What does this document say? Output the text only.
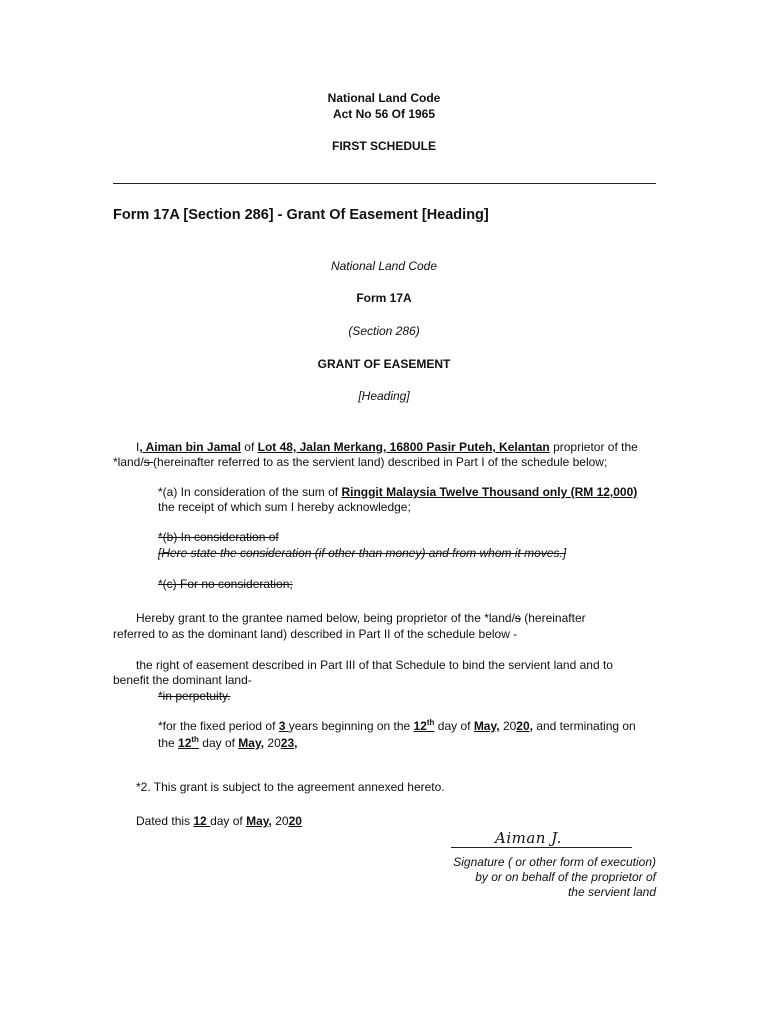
National Land Code
Act No 56 Of 1965
FIRST SCHEDULE
Form 17A [Section 286] - Grant Of Easement [Heading]
National Land Code
Form 17A
(Section 286)
GRANT OF EASEMENT
[Heading]
I, Aiman bin Jamal of Lot 48, Jalan Merkang, 16800 Pasir Puteh, Kelantan proprietor of the
*land/s (hereinafter referred to as the servient land) described in Part I of the schedule below;
*(a) In consideration of the sum of Ringgit Malaysia Twelve Thousand only (RM 12,000)
the receipt of which sum I hereby acknowledge;
*(b) In consideration of
[Here state the consideration (if other than money) and from whom it moves.]
*(c) For no consideration;
Hereby grant to the grantee named below, being proprietor of the *land/s (hereinafter
referred to as the dominant land) described in Part II of the schedule below -
the right of easement described in Part III of that Schedule to bind the servient land and to
benefit the dominant land-
*in perpetuity.
*for the fixed period of 3 years beginning on the 12th day of May, 2020, and terminating on
the 12th day of May, 2023,
*2. This grant is subject to the agreement annexed hereto.
Dated this 12 day of May, 2020
Aiman J.
Signature ( or other form of execution)
by or on behalf of the proprietor of
the servient land
